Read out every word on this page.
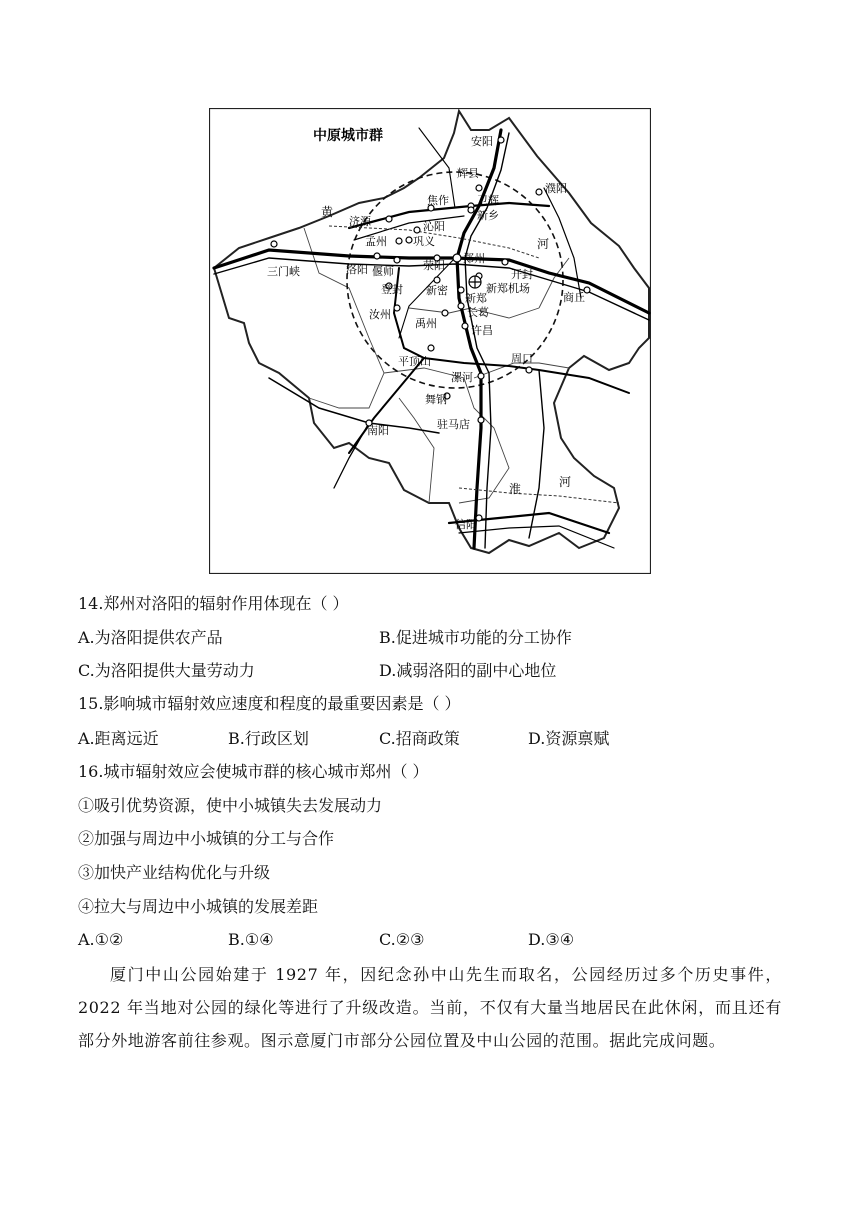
安阳
辉县
濮阳
焦作	卫辉
新乡
济源	沁阳
孟州 巩义
郑州
三门峡	洛阳 偃师	荥阳
开封
新郑机场
商丘
登封 新密
新郑
长葛
汝州
禹州
许昌
平顶山	周口
漯河
舞钢
南阳	驻马店
信阳
黄
河
淮	河
中原城市群
14.郑州对洛阳的辐射作用体现在（ ）
A.为洛阳提供农产品	B.促进城市功能的分工协作
C.为洛阳提供大量劳动力	D.减弱洛阳的副中心地位
15.影响城市辐射效应速度和程度的最重要因素是（ ）
A.距离远近	B.行政区划	C.招商政策	D.资源禀赋
16.城市辐射效应会使城市群的核心城市郑州（ ）
①吸引优势资源，使中小城镇失去发展动力
②加强与周边中小城镇的分工与合作
③加快产业结构优化与升级
④拉大与周边中小城镇的发展差距
A.①②	B.①④	C.②③	D.③④
厦门中山公园始建于 1927 年，因纪念孙中山先生而取名，公园经历过多个历史事件，2022 年当地对公园的绿化等进行了升级改造。当前，不仅有大量当地居民在此休闲，而且还有部分外地游客前往参观。图示意厦门市部分公园位置及中山公园的范围。据此完成问题。
